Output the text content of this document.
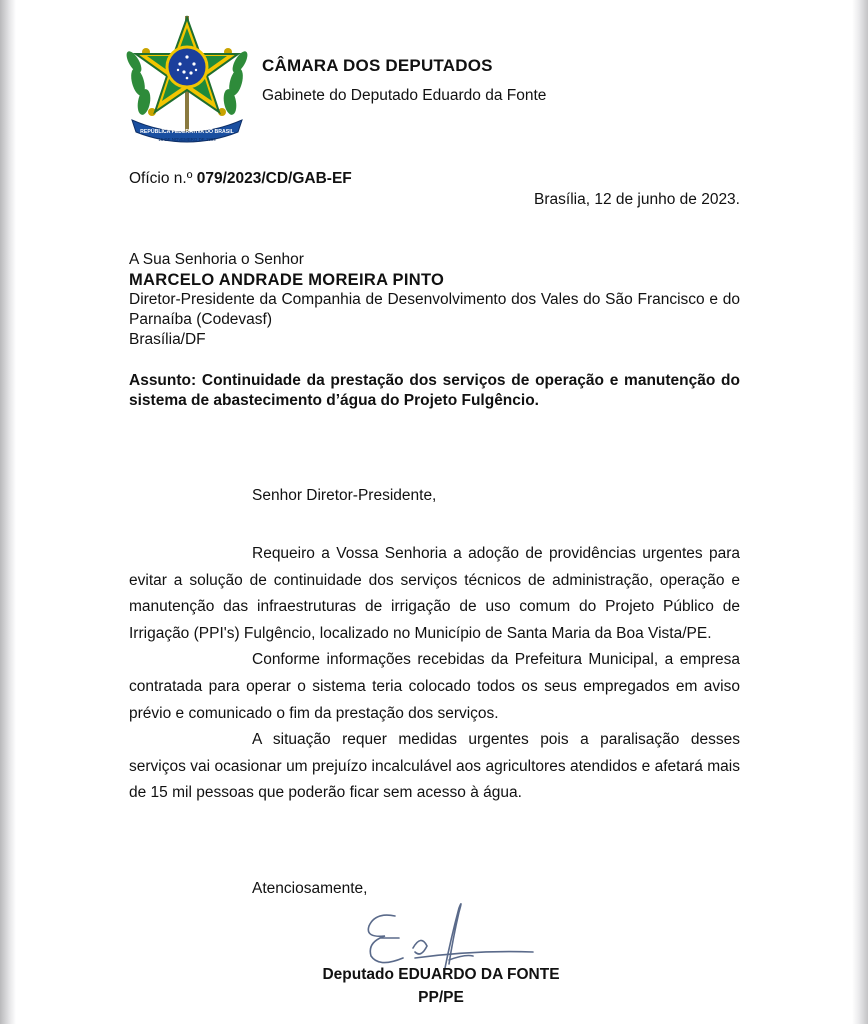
REPÚBLICA FEDERATIVA DO BRASIL
15 DE NOVEMBRO DE 1889
CÂMARA DOS DEPUTADOS
Gabinete do Deputado Eduardo da Fonte
Ofício n.º 079/2023/CD/GAB-EF
Brasília, 12 de junho de 2023.
A Sua Senhoria o Senhor
MARCELO ANDRADE MOREIRA PINTO
Diretor-Presidente da Companhia de Desenvolvimento dos Vales do São Francisco e do Parnaíba (Codevasf)
Brasília/DF
Assunto: Continuidade da prestação dos serviços de operação e manutenção do sistema de abastecimento d’água do Projeto Fulgêncio.
Senhor Diretor-Presidente,

Requeiro a Vossa Senhoria a adoção de providências urgentes para evitar a solução de continuidade dos serviços técnicos de administração, operação e manutenção das infraestruturas de irrigação de uso comum do Projeto Público de Irrigação (PPI's) Fulgêncio, localizado no Município de Santa Maria da Boa Vista/PE.

Conforme informações recebidas da Prefeitura Municipal, a empresa contratada para operar o sistema teria colocado todos os seus empregados em aviso prévio e comunicado o fim da prestação dos serviços.

A situação requer medidas urgentes pois a paralisação desses serviços vai ocasionar um prejuízo incalculável aos agricultores atendidos e afetará mais de 15 mil pessoas que poderão ficar sem acesso à água.

Atenciosamente,
Deputado EDUARDO DA FONTE
PP/PE
